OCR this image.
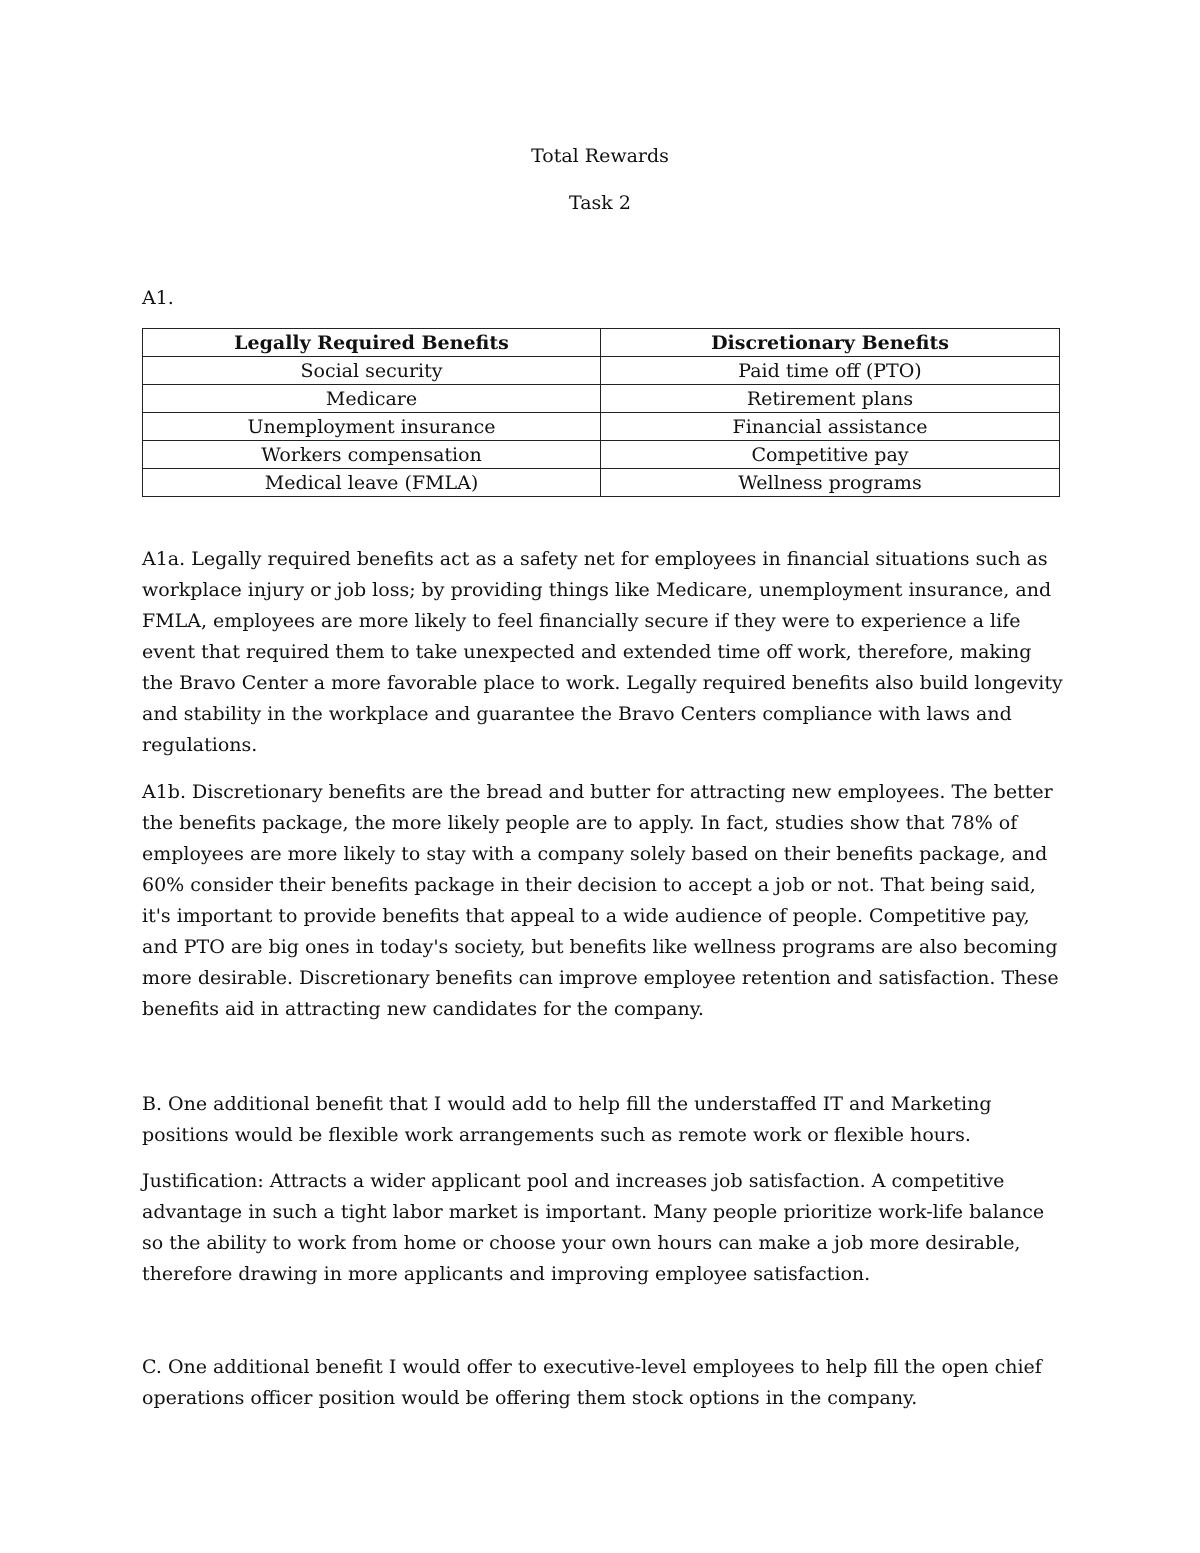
Total Rewards
Task 2
A1.
Legally Required Benefits	Discretionary Benefits
Social security	Paid time off (PTO)
Medicare	Retirement plans
Unemployment insurance	Financial assistance
Workers compensation	Competitive pay
Medical leave (FMLA)	Wellness programs

A1a. Legally required benefits act as a safety net for employees in financial situations such as workplace injury or job loss; by providing things like Medicare, unemployment insurance, and FMLA, employees are more likely to feel financially secure if they were to experience a life event that required them to take unexpected and extended time off work, therefore, making the Bravo Center a more favorable place to work. Legally required benefits also build longevity and stability in the workplace and guarantee the Bravo Centers compliance with laws and regulations.

A1b. Discretionary benefits are the bread and butter for attracting new employees. The better the benefits package, the more likely people are to apply. In fact, studies show that 78% of employees are more likely to stay with a company solely based on their benefits package, and 60% consider their benefits package in their decision to accept a job or not. That being said, it's important to provide benefits that appeal to a wide audience of people. Competitive pay, and PTO are big ones in today's society, but benefits like wellness programs are also becoming more desirable. Discretionary benefits can improve employee retention and satisfaction. These benefits aid in attracting new candidates for the company.

B. One additional benefit that I would add to help fill the understaffed IT and Marketing positions would be flexible work arrangements such as remote work or flexible hours.

Justification: Attracts a wider applicant pool and increases job satisfaction. A competitive advantage in such a tight labor market is important. Many people prioritize work-life balance so the ability to work from home or choose your own hours can make a job more desirable, therefore drawing in more applicants and improving employee satisfaction.

C. One additional benefit I would offer to executive-level employees to help fill the open chief operations officer position would be offering them stock options in the company.
